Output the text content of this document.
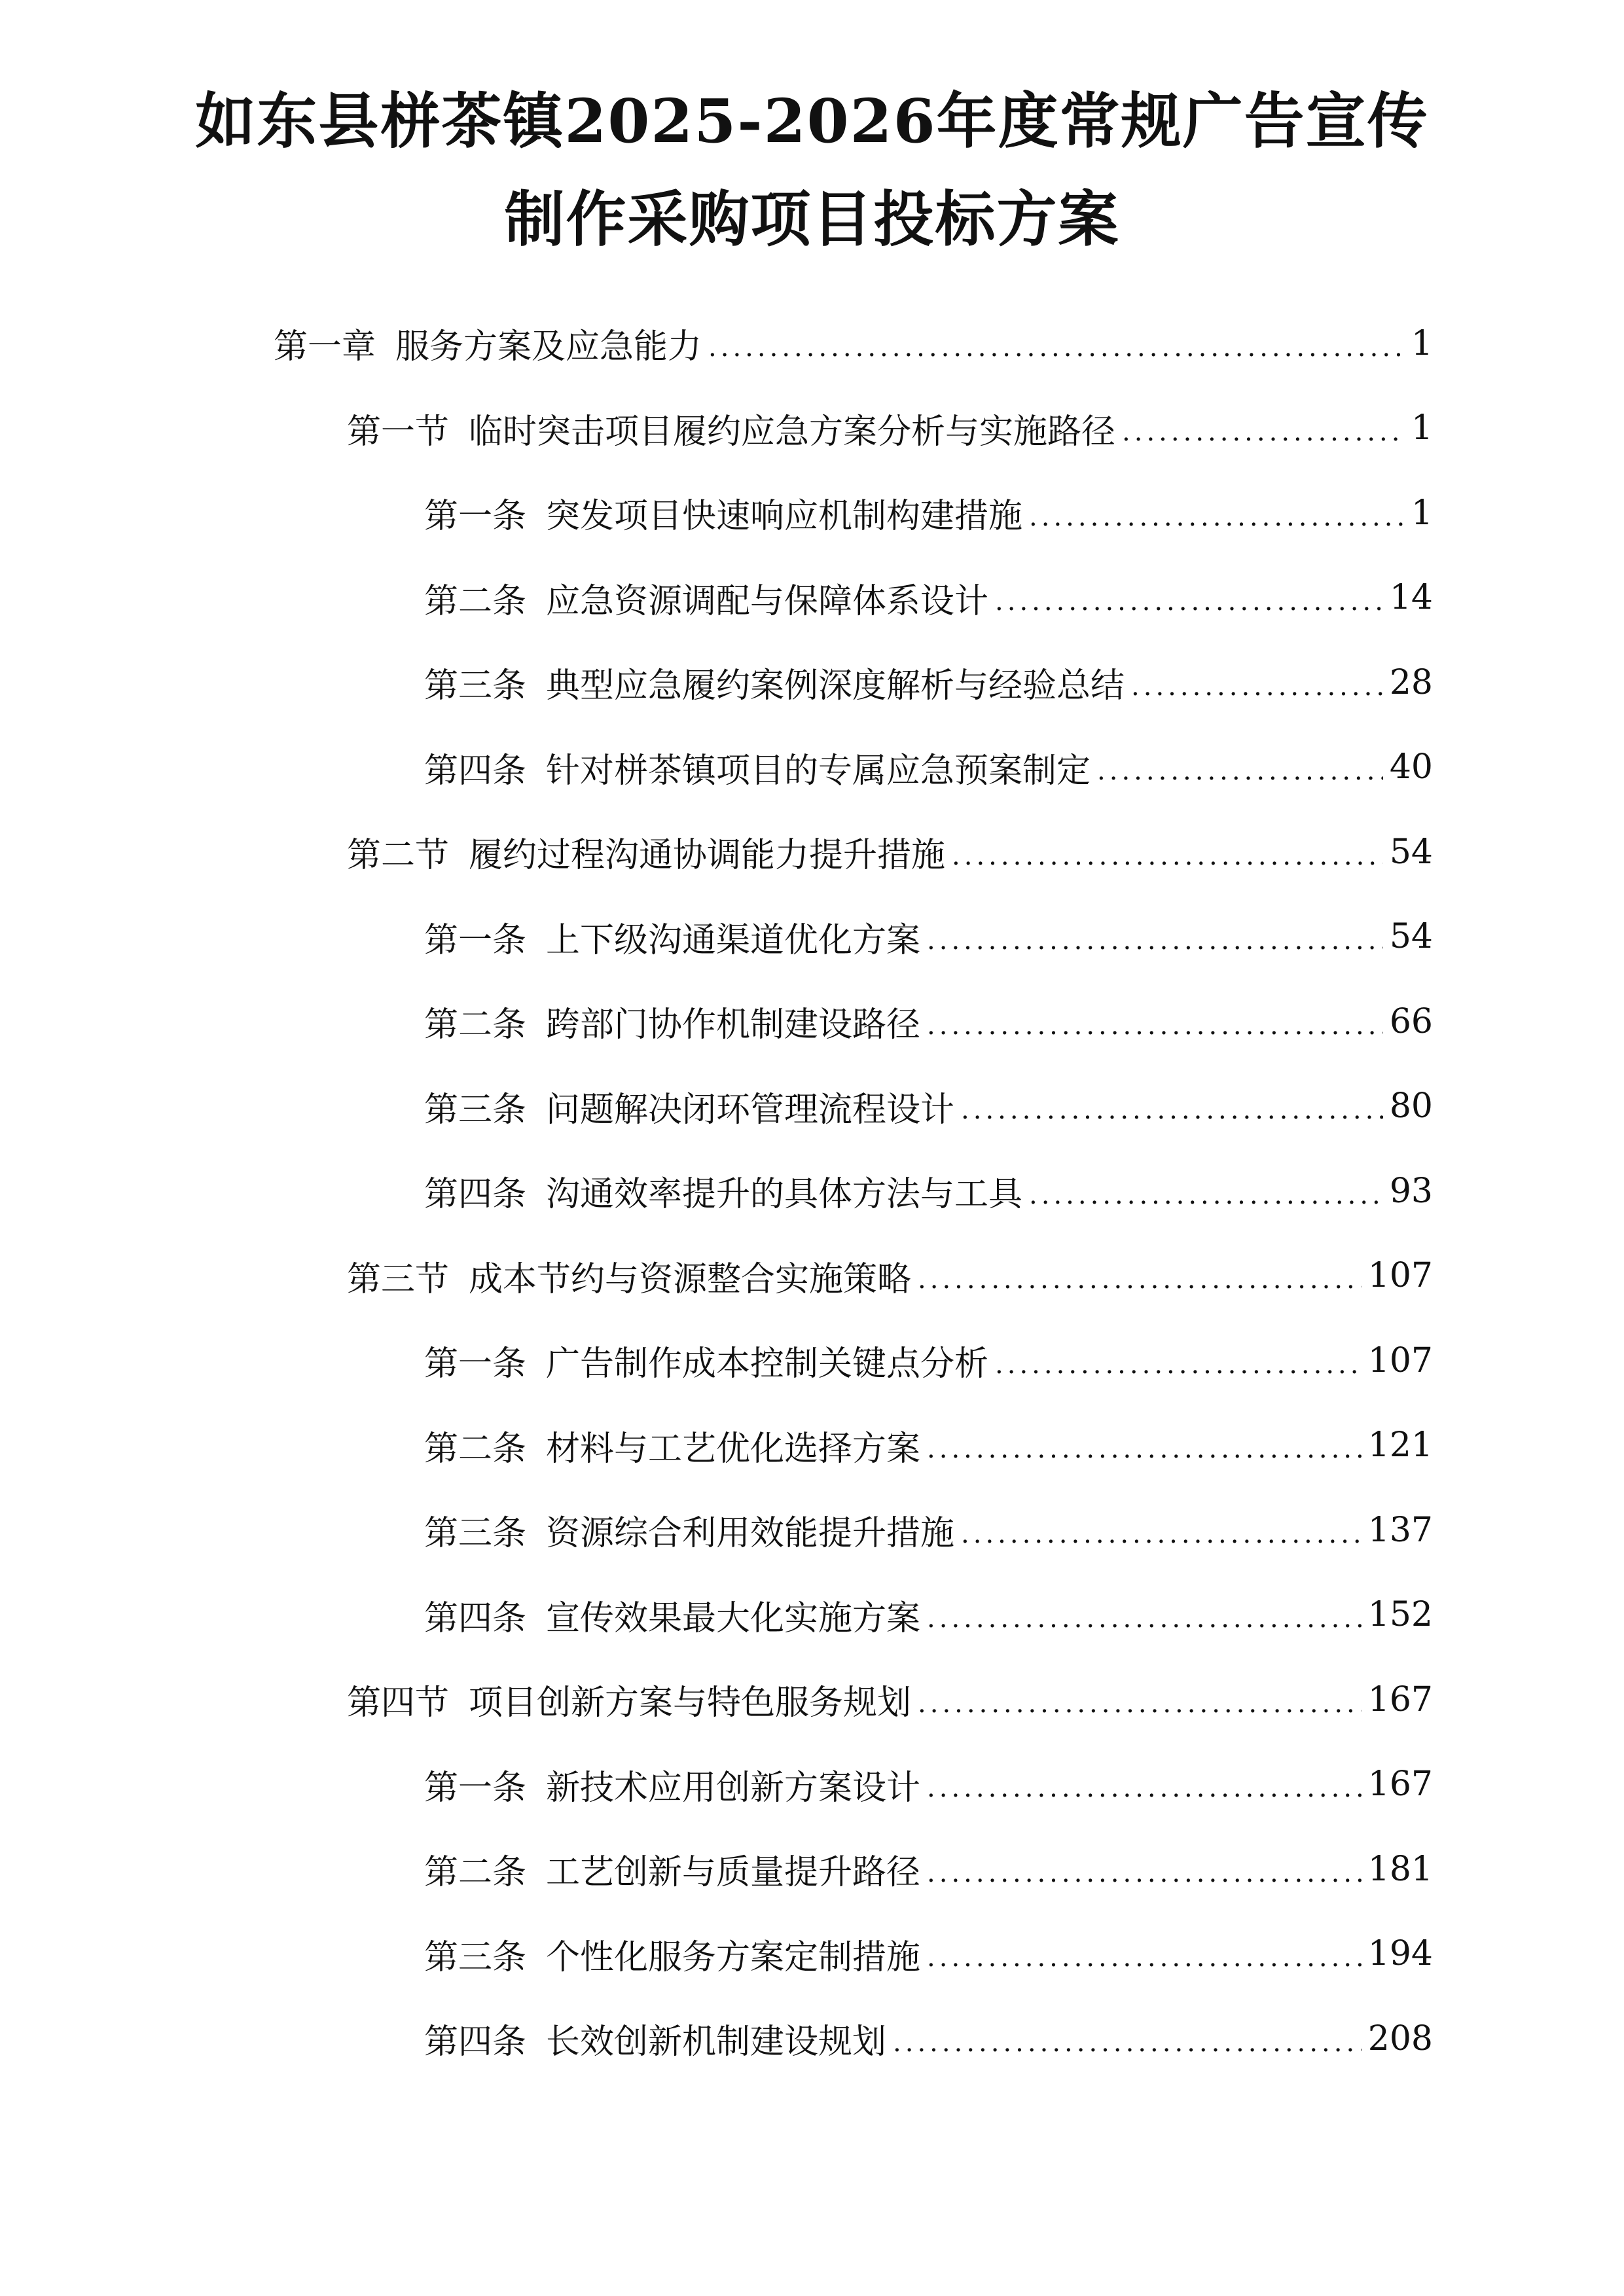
如东县栟茶镇2025-2026年度常规广告宣传
制作采购项目投标方案
第一章 服务方案及应急能力 .....	1
第一节 临时突击项目履约应急方案分析与实施路径 .....	1
第一条 突发项目快速响应机制构建措施 .....	1
第二条 应急资源调配与保障体系设计 .....	14
第三条 典型应急履约案例深度解析与经验总结 .....	28
第四条 针对栟茶镇项目的专属应急预案制定 .....	40
第二节 履约过程沟通协调能力提升措施 .....	54
第一条 上下级沟通渠道优化方案 .....	54
第二条 跨部门协作机制建设路径 .....	66
第三条 问题解决闭环管理流程设计 .....	80
第四条 沟通效率提升的具体方法与工具 .....	93
第三节 成本节约与资源整合实施策略 .....	107
第一条 广告制作成本控制关键点分析 .....	107
第二条 材料与工艺优化选择方案 .....	121
第三条 资源综合利用效能提升措施 .....	137
第四条 宣传效果最大化实施方案 .....	152
第四节 项目创新方案与特色服务规划 .....	167
第一条 新技术应用创新方案设计 .....	167
第二条 工艺创新与质量提升路径 .....	181
第三条 个性化服务方案定制措施 .....	194
第四条 长效创新机制建设规划 .....	208
